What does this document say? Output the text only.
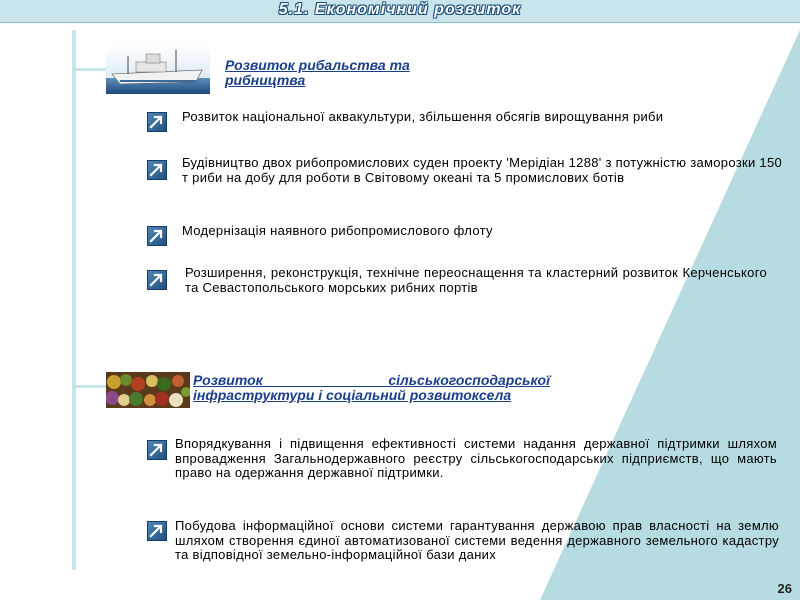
5.1. Економічний розвиток
Розвиток рибальства та рибництва
Розвиток національної аквакультури, збільшення обсягів вирощування риби
Будівництво двох рибопромислових суден проекту 'Мерідіан 1288' з потужністю заморозки 150 т риби на добу для роботи в Світовому океані та 5 промислових ботів
Модернізація наявного рибопромислового флоту
Розширення, реконструкція, технічне переоснащення та кластерний розвиток Керченського та Севастопольського морських рибних портів
Розвиток сільськогосподарської інфраструктури і соціальний розвитоксела
Впорядкування і підвищення ефективності системи надання державної підтримки шляхом впровадження Загальнодержавного реєстру сільськогосподарських підприємств, що мають право на одержання державної підтримки.
Побудова інформаційної основи системи гарантування державою прав власності на землю шляхом створення єдиної автоматизованої системи ведення державного земельного кадастру та відповідної земельно-інформаційної бази даних
26
